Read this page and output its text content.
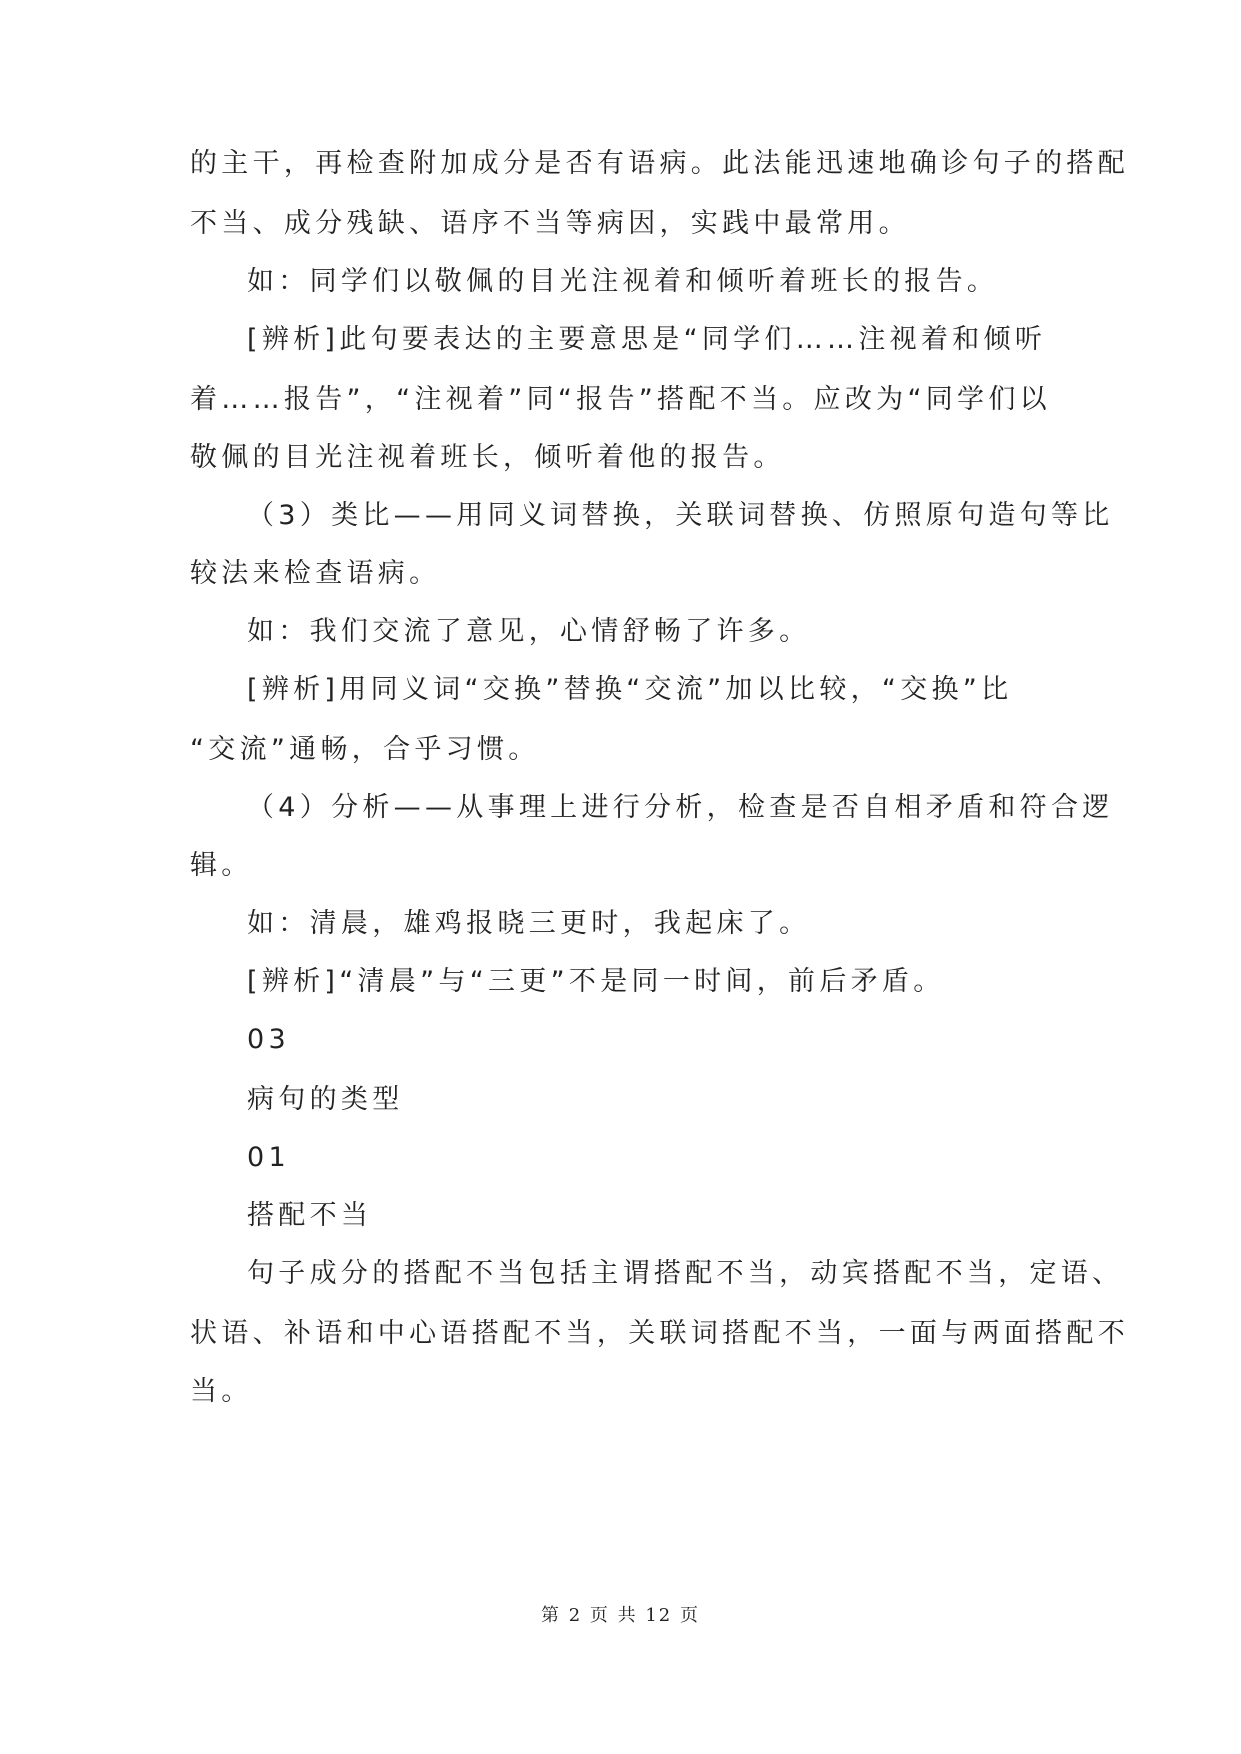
的主干，再检查附加成分是否有语病。此法能迅速地确诊句子的搭配

不当、成分残缺、语序不当等病因，实践中最常用。

如：同学们以敬佩的目光注视着和倾听着班长的报告。

[辨析]此句要表达的主要意思是“同学们……注视着和倾听

着……报告”，“注视着”同“报告”搭配不当。应改为“同学们以

敬佩的目光注视着班长，倾听着他的报告。

（3）类比——用同义词替换，关联词替换、仿照原句造句等比

较法来检查语病。

如：我们交流了意见，心情舒畅了许多。

[辨析]用同义词“交换”替换“交流”加以比较，“交换”比

“交流”通畅，合乎习惯。

（4）分析——从事理上进行分析，检查是否自相矛盾和符合逻

辑。

如：清晨，雄鸡报晓三更时，我起床了。

[辨析]“清晨”与“三更”不是同一时间，前后矛盾。

03

病句的类型

01

搭配不当

句子成分的搭配不当包括主谓搭配不当，动宾搭配不当，定语、

状语、补语和中心语搭配不当，关联词搭配不当，一面与两面搭配不

当。

第 2 页 共 12 页
